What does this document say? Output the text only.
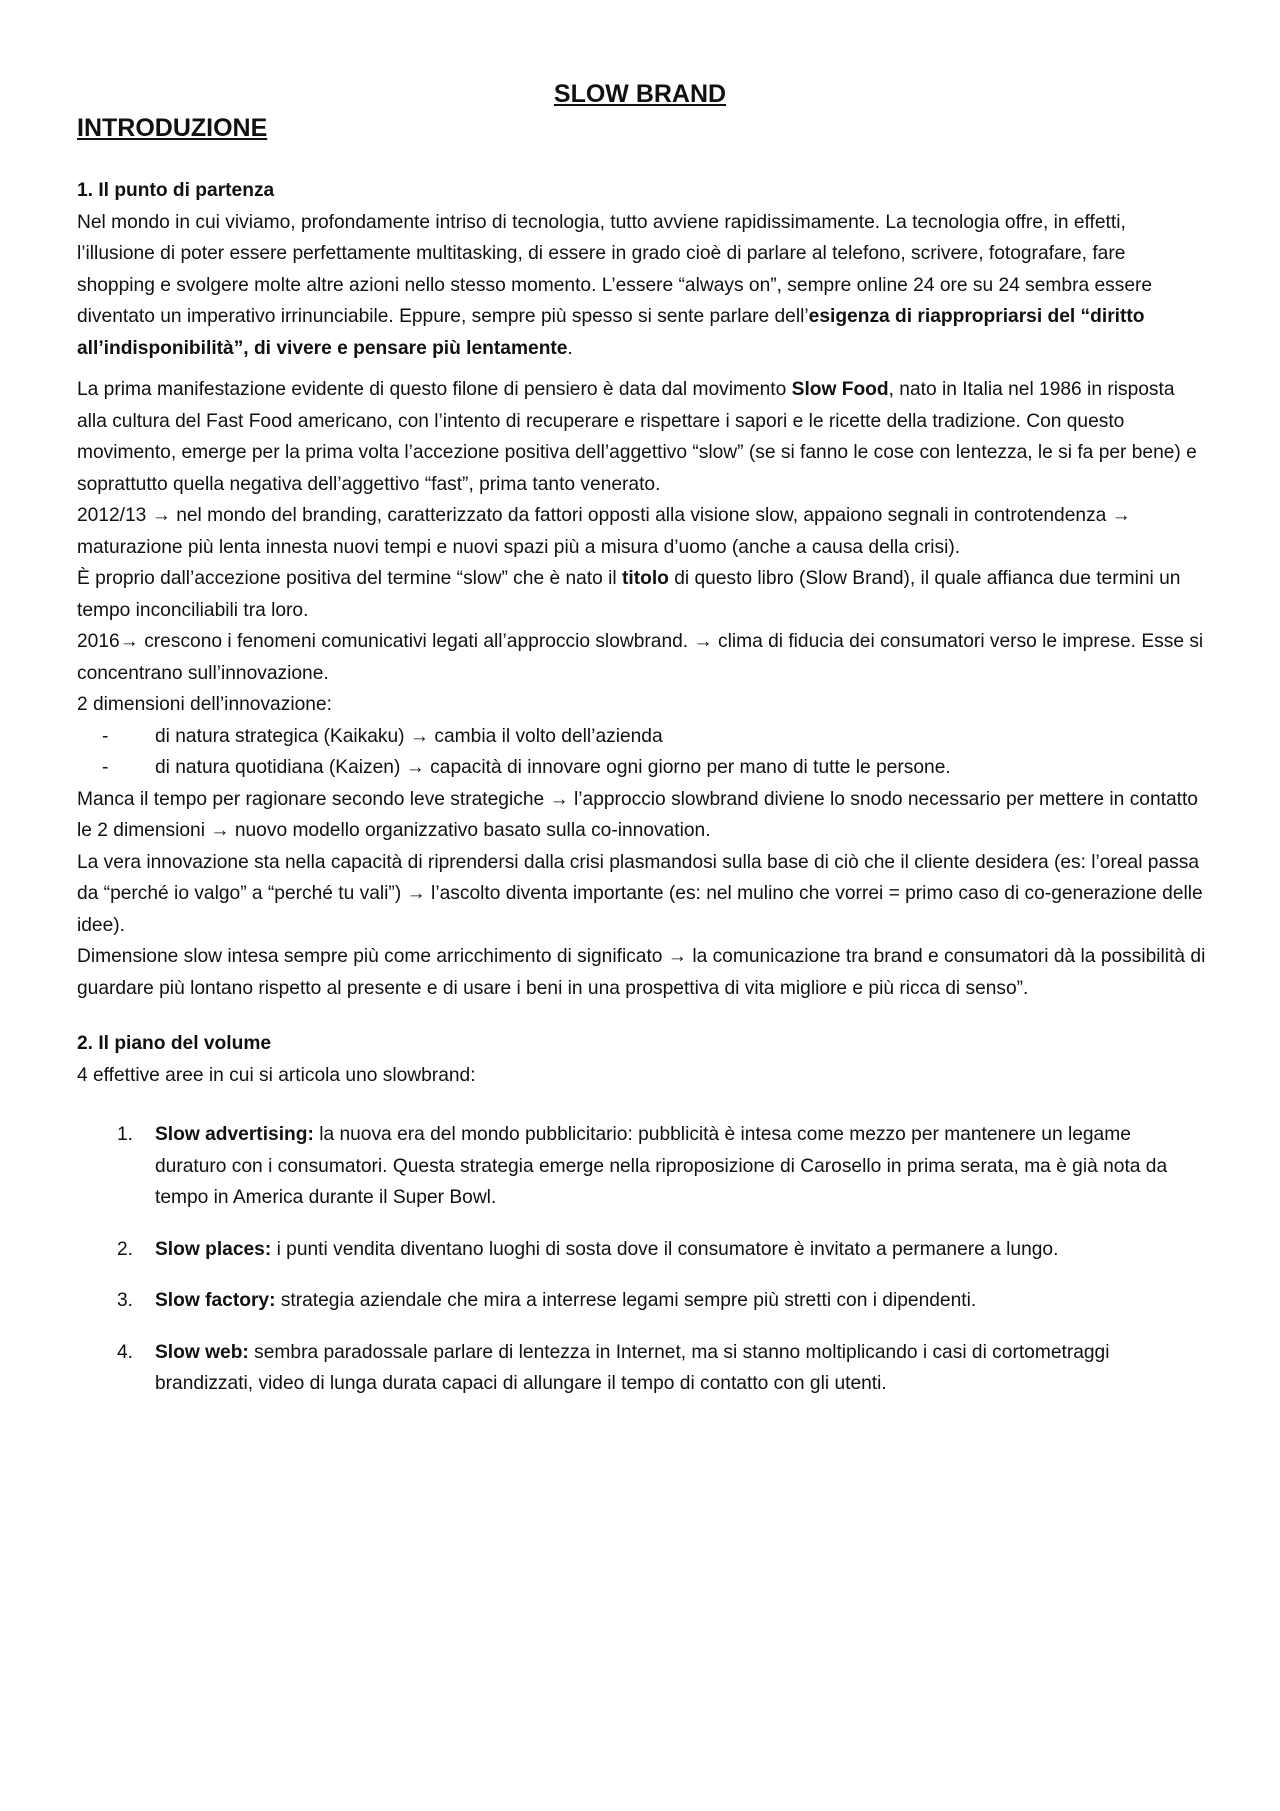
SLOW BRAND
INTRODUZIONE

1. Il punto di partenza

Nel mondo in cui viviamo, profondamente intriso di tecnologia, tutto avviene rapidissimamente. La tecnologia offre, in effetti, l’illusione di poter essere perfettamente multitasking, di essere in grado cioè di parlare al telefono, scrivere, fotografare, fare shopping e svolgere molte altre azioni nello stesso momento. L’essere “always on”, sempre online 24 ore su 24 sembra essere diventato un imperativo irrinunciabile. Eppure, sempre più spesso si sente parlare dell’esigenza di riappropriarsi del “diritto all’indisponibilità”, di vivere e pensare più lentamente.

La prima manifestazione evidente di questo filone di pensiero è data dal movimento Slow Food, nato in Italia nel 1986 in risposta alla cultura del Fast Food americano, con l’intento di recuperare e rispettare i sapori e le ricette della tradizione. Con questo movimento, emerge per la prima volta l’accezione positiva dell’aggettivo “slow” (se si fanno le cose con lentezza, le si fa per bene) e soprattutto quella negativa dell’aggettivo “fast”, prima tanto venerato.

2012/13 → nel mondo del branding, caratterizzato da fattori opposti alla visione slow, appaiono segnali in controtendenza → maturazione più lenta innesta nuovi tempi e nuovi spazi più a misura d’uomo (anche a causa della crisi).

È proprio dall’accezione positiva del termine “slow” che è nato il titolo di questo libro (Slow Brand), il quale affianca due termini un tempo inconciliabili tra loro.

2016→ crescono i fenomeni comunicativi legati all’approccio slowbrand. → clima di fiducia dei consumatori verso le imprese. Esse si concentrano sull’innovazione.

2 dimensioni dell’innovazione:

- di natura strategica (Kaikaku) → cambia il volto dell’azienda
- di natura quotidiana (Kaizen) → capacità di innovare ogni giorno per mano di tutte le persone.

Manca il tempo per ragionare secondo leve strategiche → l’approccio slowbrand diviene lo snodo necessario per mettere in contatto le 2 dimensioni → nuovo modello organizzativo basato sulla co-innovation.

La vera innovazione sta nella capacità di riprendersi dalla crisi plasmandosi sulla base di ciò che il cliente desidera (es: l’oreal passa da “perché io valgo” a “perché tu vali”) → l’ascolto diventa importante (es: nel mulino che vorrei = primo caso di co-generazione delle idee).

Dimensione slow intesa sempre più come arricchimento di significato → la comunicazione tra brand e consumatori dà la possibilità di guardare più lontano rispetto al presente e di usare i beni in una prospettiva di vita migliore e più ricca di senso”.

2. Il piano del volume

4 effettive aree in cui si articola uno slowbrand:

1. Slow advertising: la nuova era del mondo pubblicitario: pubblicità è intesa come mezzo per mantenere un legame duraturo con i consumatori. Questa strategia emerge nella riproposizione di Carosello in prima serata, ma è già nota da tempo in America durante il Super Bowl.
2. Slow places: i punti vendita diventano luoghi di sosta dove il consumatore è invitato a permanere a lungo.
3. Slow factory: strategia aziendale che mira a interrese legami sempre più stretti con i dipendenti.
4. Slow web: sembra paradossale parlare di lentezza in Internet, ma si stanno moltiplicando i casi di cortometraggi brandizzati, video di lunga durata capaci di allungare il tempo di contatto con gli utenti.
